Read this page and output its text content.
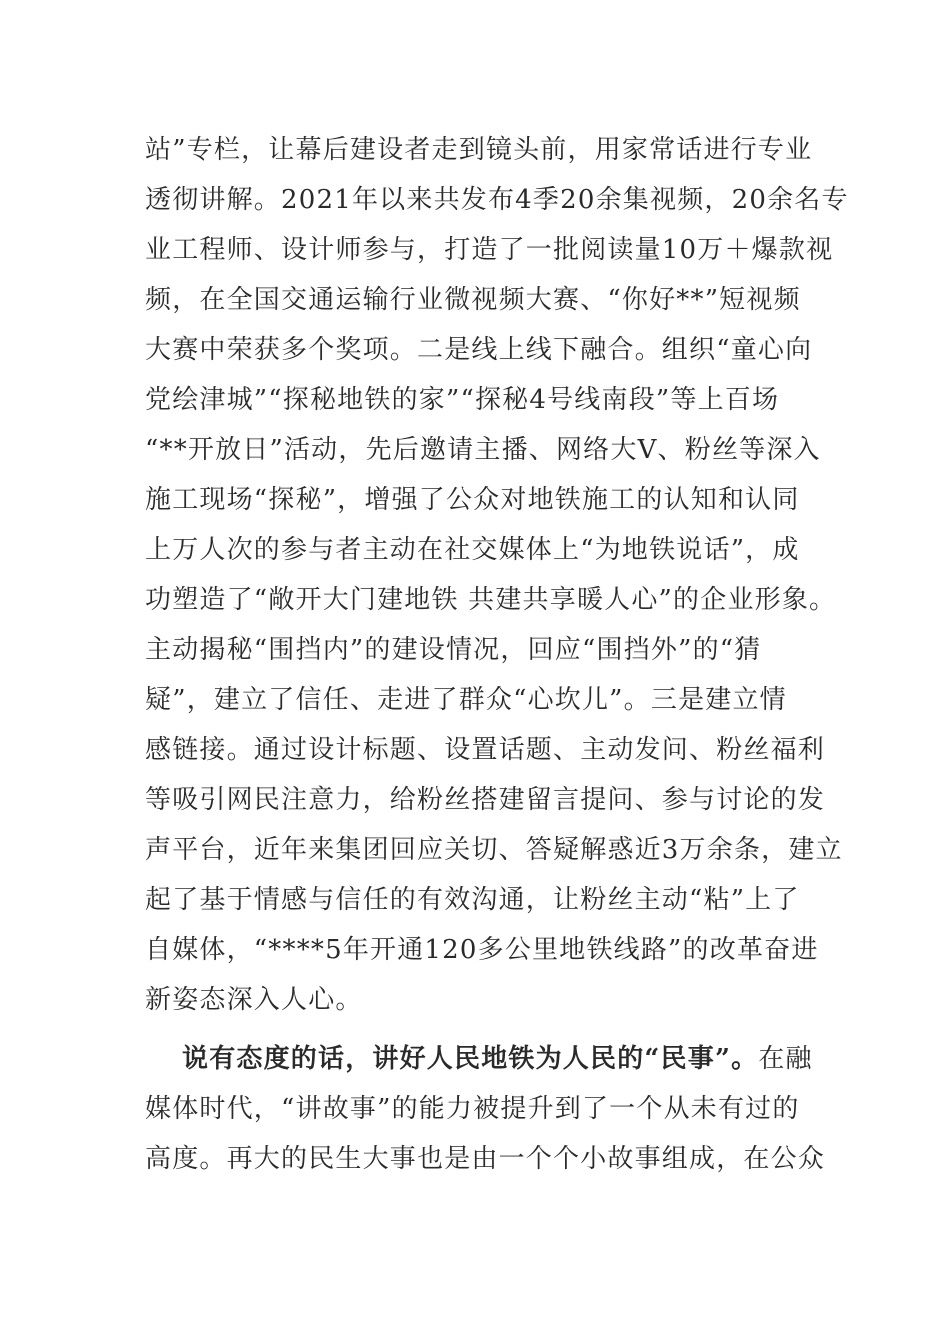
站”专栏，让幕后建设者走到镜头前，用家常话进行专业
透彻讲解。2021年以来共发布4季20余集视频，20余名专
业工程师、设计师参与，打造了一批阅读量10万＋爆款视
频，在全国交通运输行业微视频大赛、“你好**”短视频
大赛中荣获多个奖项。二是线上线下融合。组织“童心向
党绘津城”“探秘地铁的家”“探秘4号线南段”等上百场
“**开放日”活动，先后邀请主播、网络大V、粉丝等深入
施工现场“探秘”，增强了公众对地铁施工的认知和认同
上万人次的参与者主动在社交媒体上“为地铁说话”，成
功塑造了“敞开大门建地铁 共建共享暖人心”的企业形象。
主动揭秘“围挡内”的建设情况，回应“围挡外”的“猜
疑”，建立了信任、走进了群众“心坎儿”。三是建立情
感链接。通过设计标题、设置话题、主动发问、粉丝福利
等吸引网民注意力，给粉丝搭建留言提问、参与讨论的发
声平台，近年来集团回应关切、答疑解惑近3万余条，建立
起了基于情感与信任的有效沟通，让粉丝主动“粘”上了
自媒体，“****5年开通120多公里地铁线路”的改革奋进
新姿态深入人心。
说有态度的话，讲好人民地铁为人民的“民事”。在融
媒体时代，“讲故事”的能力被提升到了一个从未有过的
高度。再大的民生大事也是由一个个小故事组成，在公众
